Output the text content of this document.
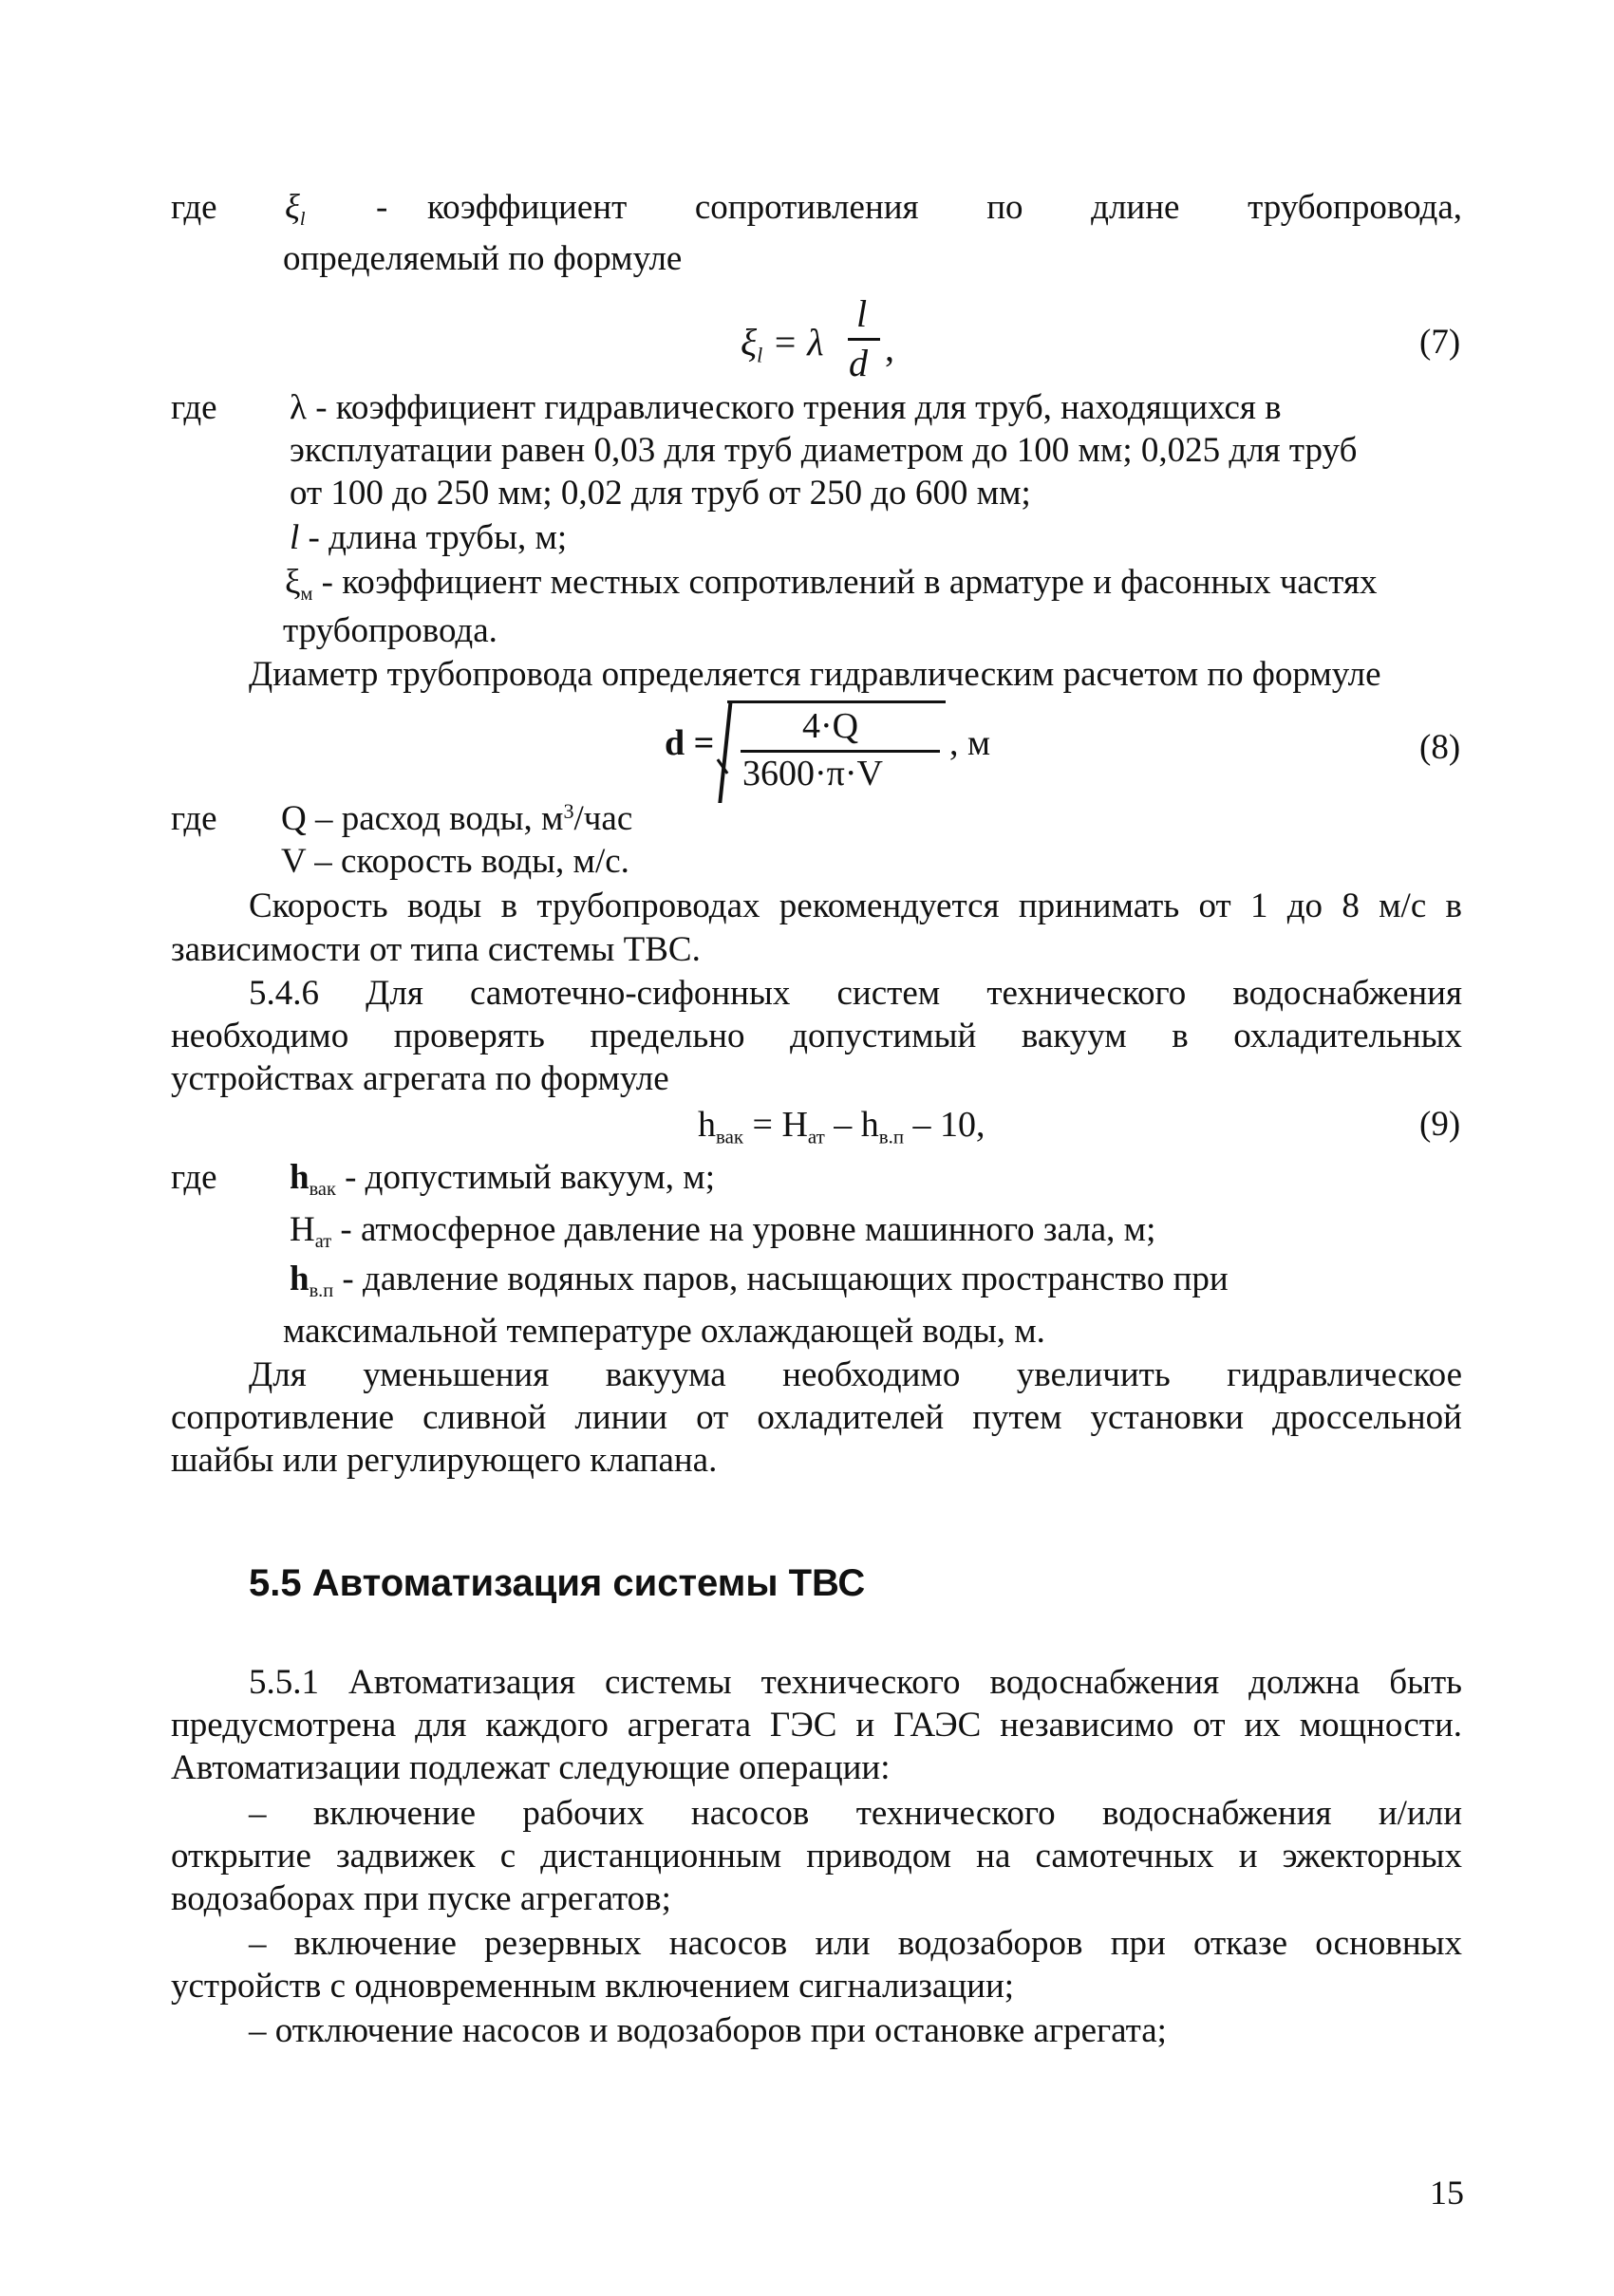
где $\xi_l$ - коэффициент сопротивления по длине трубопровода,
определяемый по формуле
$\xi_l = \lambda$
l
d ,	(7)
где λ - коэффициент гидравлического трения для труб, находящихся в
эксплуатации равен 0,03 для труб диаметром до 100 мм; 0,025 для труб
от 100 до 250 мм; 0,02 для труб от 250 до 600 мм;
l - длина трубы, м;
$\xi_м$ - коэффициент местных сопротивлений в арматуре и фасонных частях
трубопровода.
Диаметр трубопровода определяется гидравлическим расчетом по формуле
d = 4·Q
3600·π·V
, м	(8)
где Q – расход воды, $м^3$/час
V – скорость воды, м/с.
Скорость воды в трубопроводах рекомендуется принимать от 1 до 8 м/с в
зависимости от типа системы ТВС.
5.4.6 Для самотечно-сифонных систем технического водоснабжения
необходимо проверять предельно допустимый вакуум в охладительных
устройствах агрегата по формуле
$h_{вак} = H_{ат} - h_{в.п} - 10$,	(9)
где $h_{вак}$ - допустимый вакуум, м;
$H_{ат}$ - атмосферное давление на уровне машинного зала, м;
$h_{в.п}$ - давление водяных паров, насыщающих пространство при
максимальной температуре охлаждающей воды, м.
Для уменьшения вакуума необходимо увеличить гидравлическое
сопротивление сливной линии от охладителей путем установки дроссельной
шайбы или регулирующего клапана.
5.5 Автоматизация системы ТВС
5.5.1 Автоматизация системы технического водоснабжения должна быть
предусмотрена для каждого агрегата ГЭС и ГАЭС независимо от их мощности.
Автоматизации подлежат следующие операции:
– включение рабочих насосов технического водоснабжения и/или
открытие задвижек с дистанционным приводом на самотечных и эжекторных
водозаборах при пуске агрегатов;
– включение резервных насосов или водозаборов при отказе основных
устройств с одновременным включением сигнализации;
– отключение насосов и водозаборов при остановке агрегата;
15
